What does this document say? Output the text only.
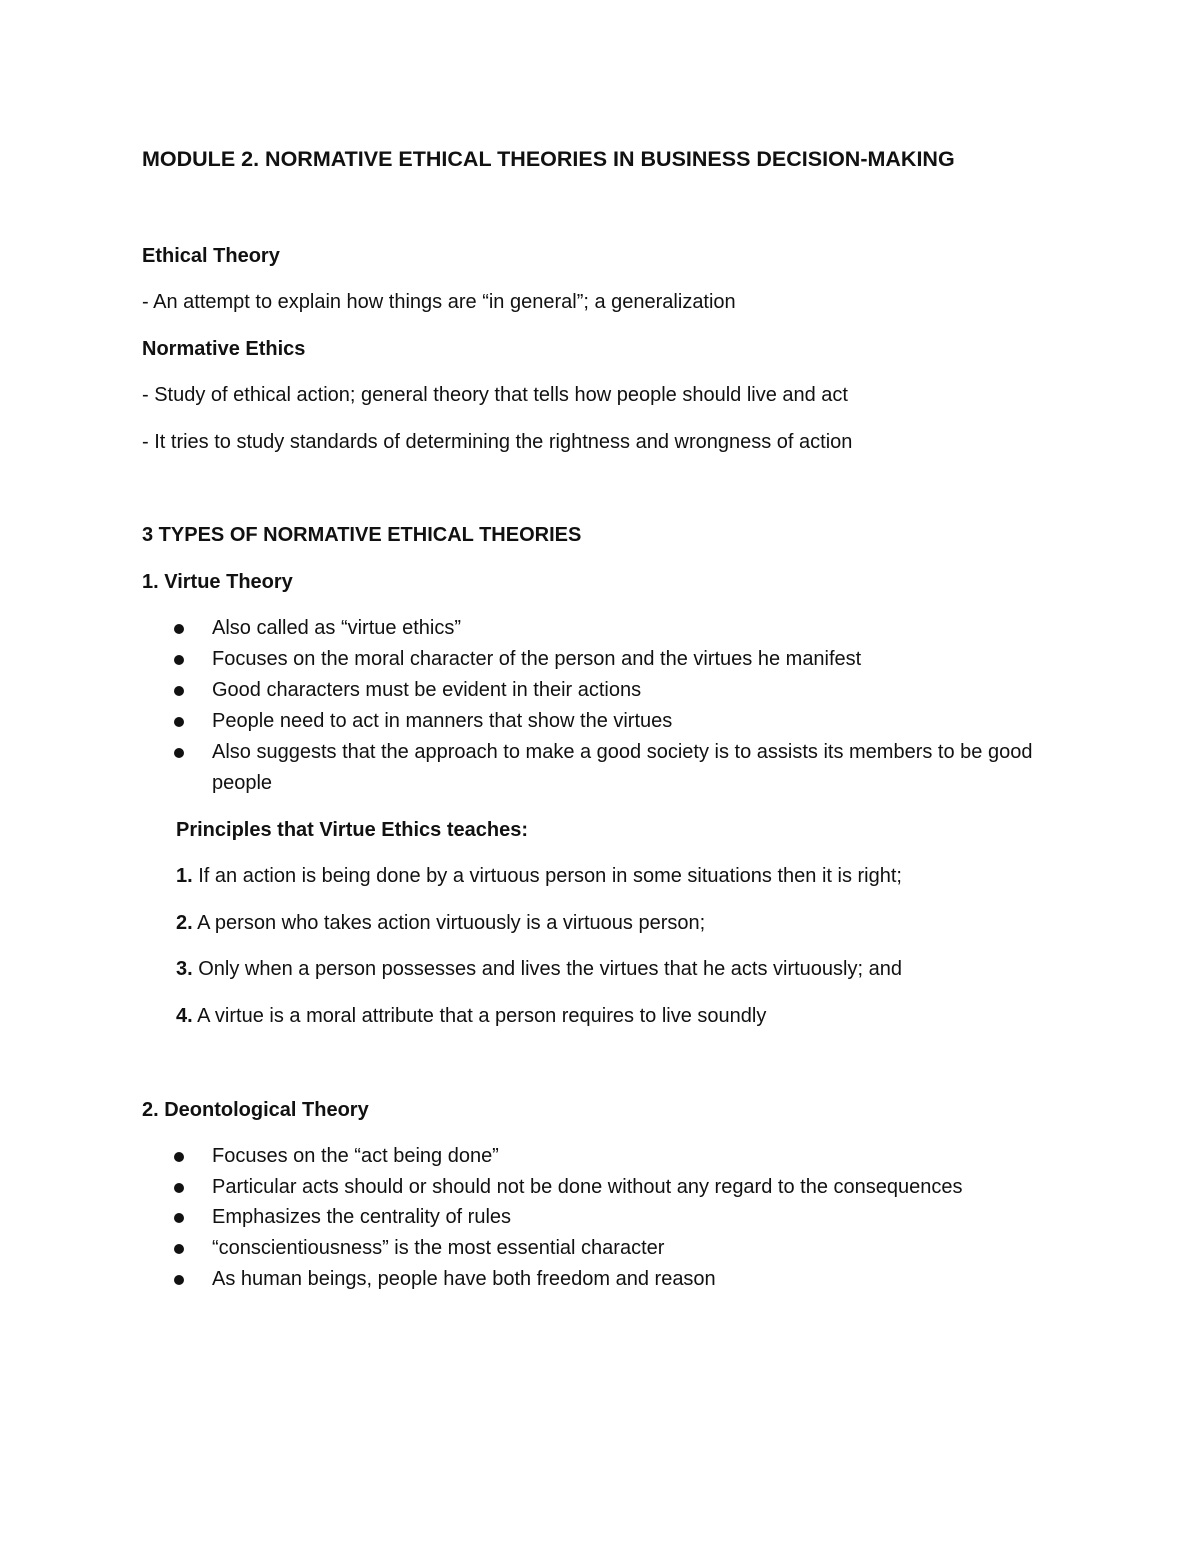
MODULE 2. NORMATIVE ETHICAL THEORIES IN BUSINESS DECISION-MAKING
Ethical Theory
- An attempt to explain how things are “in general”; a generalization
Normative Ethics
- Study of ethical action; general theory that tells how people should live and act
- It tries to study standards of determining the rightness and wrongness of action
3 TYPES OF NORMATIVE ETHICAL THEORIES
1. Virtue Theory
Also called as “virtue ethics”
Focuses on the moral character of the person and the virtues he manifest
Good characters must be evident in their actions
People need to act in manners that show the virtues
Also suggests that the approach to make a good society is to assists its members to be good people
Principles that Virtue Ethics teaches:
1. If an action is being done by a virtuous person in some situations then it is right;
2. A person who takes action virtuously is a virtuous person;
3. Only when a person possesses and lives the virtues that he acts virtuously; and
4. A virtue is a moral attribute that a person requires to live soundly
2. Deontological Theory
Focuses on the “act being done”
Particular acts should or should not be done without any regard to the consequences
Emphasizes the centrality of rules
“conscientiousness” is the most essential character
As human beings, people have both freedom and reason
